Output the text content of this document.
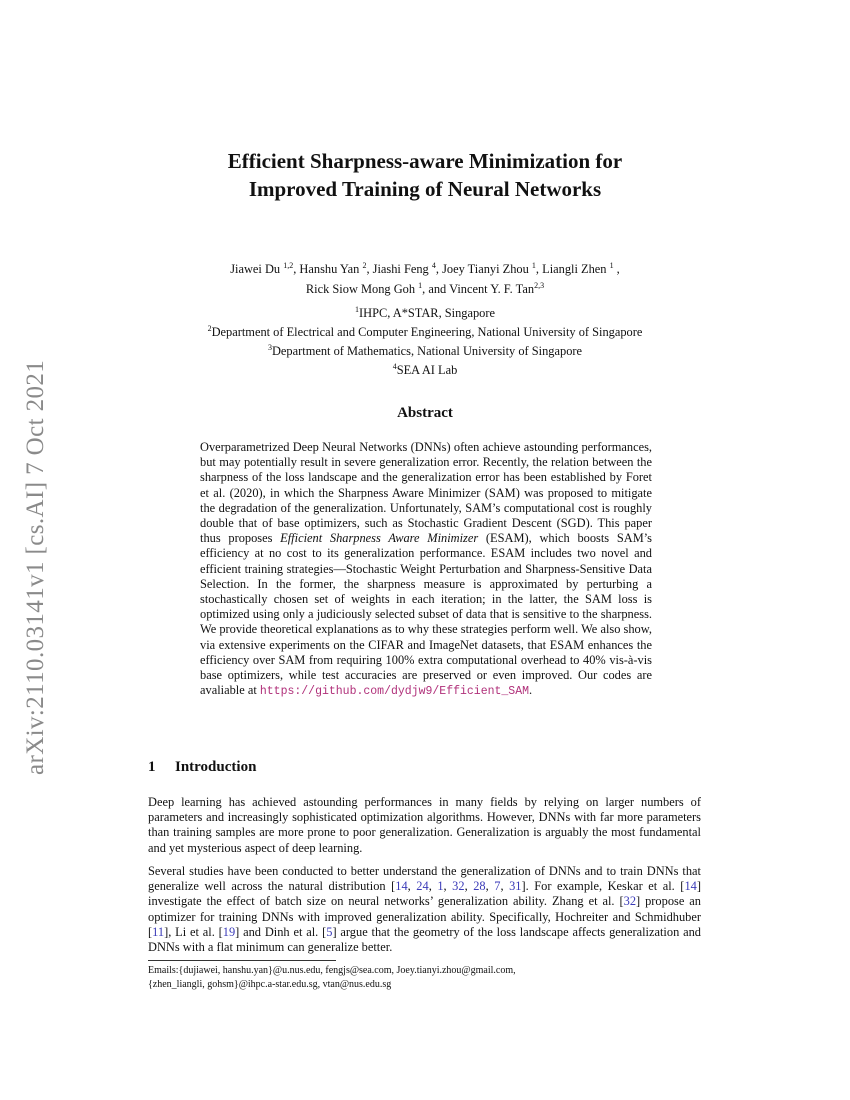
arXiv:2110.03141v1 [cs.AI] 7 Oct 2021
Efficient Sharpness-aware Minimization for
Improved Training of Neural Networks
Jiawei Du $^{1,2}$, Hanshu Yan $^2$, Jiashi Feng $^4$, Joey Tianyi Zhou $^1$, Liangli Zhen $^1$ ,
Rick Siow Mong Goh $^1$, and Vincent Y. F. Tan$^{2,3}$
$^1$IHPC, A*STAR, Singapore
$^2$Department of Electrical and Computer Engineering, National University of Singapore
$^3$Department of Mathematics, National University of Singapore
$^4$SEA AI Lab
Abstract

Overparametrized Deep Neural Networks (DNNs) often achieve astounding performances, but may potentially result in severe generalization error. Recently, the relation between the sharpness of the loss landscape and the generalization error has been established by Foret et al. (2020), in which the Sharpness Aware Minimizer (SAM) was proposed to mitigate the degradation of the generalization. Unfortunately, SAM’s computational cost is roughly double that of base optimizers, such as Stochastic Gradient Descent (SGD). This paper thus proposes Efficient Sharpness Aware Minimizer (ESAM), which boosts SAM’s efficiency at no cost to its generalization performance. ESAM includes two novel and efficient training strategies—Stochastic Weight Perturbation and Sharpness-Sensitive Data Selection. In the former, the sharpness measure is approximated by perturbing a stochastically chosen set of weights in each iteration; in the latter, the SAM loss is optimized using only a judiciously selected subset of data that is sensitive to the sharpness. We provide theoretical explanations as to why these strategies perform well. We also show, via extensive experiments on the CIFAR and ImageNet datasets, that ESAM enhances the efficiency over SAM from requiring 100% extra computational overhead to 40% vis-à-vis base optimizers, while test accuracies are preserved or even improved. Our codes are avaliable at https://github.com/dydjw9/Efficient_SAM.

1 Introduction

Deep learning has achieved astounding performances in many fields by relying on larger numbers of parameters and increasingly sophisticated optimization algorithms. However, DNNs with far more parameters than training samples are more prone to poor generalization. Generalization is arguably the most fundamental and yet mysterious aspect of deep learning.

Several studies have been conducted to better understand the generalization of DNNs and to train DNNs that generalize well across the natural distribution [14, 24, 1, 32, 28, 7, 31]. For example, Keskar et al. [14] investigate the effect of batch size on neural networks’ generalization ability. Zhang et al. [32] propose an optimizer for training DNNs with improved generalization ability. Specifically, Hochreiter and Schmidhuber [11], Li et al. [19] and Dinh et al. [5] argue that the geometry of the loss landscape affects generalization and DNNs with a flat minimum can generalize better.

Emails:{dujiawei, hanshu.yan}@u.nus.edu, fengjs@sea.com, Joey.tianyi.zhou@gmail.com,
{zhen_liangli, gohsm}@ihpc.a-star.edu.sg, vtan@nus.edu.sg
